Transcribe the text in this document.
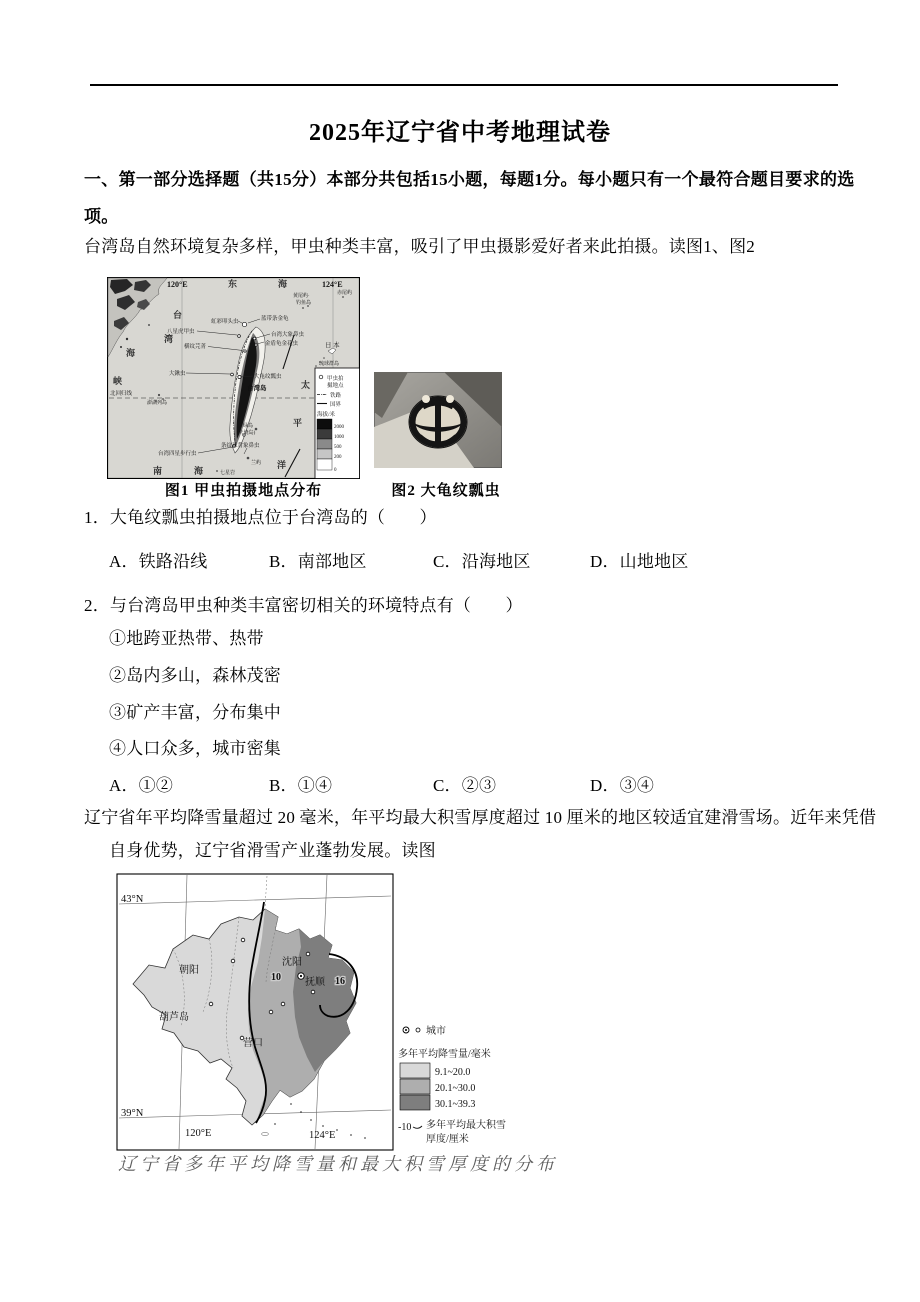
2025年辽宁省中考地理试卷
一、第一部分选择题（共15分）本部分共包括15小题，每题1分。每小题只有一个最符合题目要求的选
项。
台湾岛自然环境复杂多样，甲虫种类丰富，吸引了甲虫摄影爱好者来此拍摄。读图1、图2
120°E	东	海	124°E
台
湾
海
峡	太
平
洋
南	海
黄尾屿·
钓鱼岛
赤尾屿
日 本
琉球群岛
澎湖列岛
北回归线
台湾岛
绿岛
(火烧岛)
兰屿
七星岩
虹彩叩头虫	蓝带条金龟
八星虎甲虫	台湾大象鼻虫
金盾龟金花虫
横纹芫菁
大鍬虫	大龟纹瓢虫
条纹球背象鼻虫
台湾四星步行虫
甲虫拍
摄地点
铁路
国界
海拔/米
2000
1000
500
200
0
图1 甲虫拍摄地点分布	图2 大龟纹瓢虫
1．大龟纹瓢虫拍摄地点位于台湾岛的（　　）
A．铁路沿线	B．南部地区	C．沿海地区	D．山地地区
2．与台湾岛甲虫种类丰富密切相关的环境特点有（　　）
①地跨亚热带、热带
②岛内多山，森林茂密
③矿产丰富，分布集中
④人口众多，城市密集
A．①②	B．①④	C．②③	D．③④
辽宁省年平均降雪量超过 20 毫米，年平均最大积雪厚度超过 10 厘米的地区较适宜建滑雪场。近年来凭借
自身优势，辽宁省滑雪产业蓬勃发展。读图
43°N
39°N
120°E	124°E
朝阳
沈阳
抚顺
葫芦岛
营口
10	16
城市
多年平均降雪量/毫米
9.1~20.0
20.1~30.0
30.1~39.3
-10 多年平均最大积雪
厚度/厘米
辽宁省多年平均降雪量和最大积雪厚度的分布
